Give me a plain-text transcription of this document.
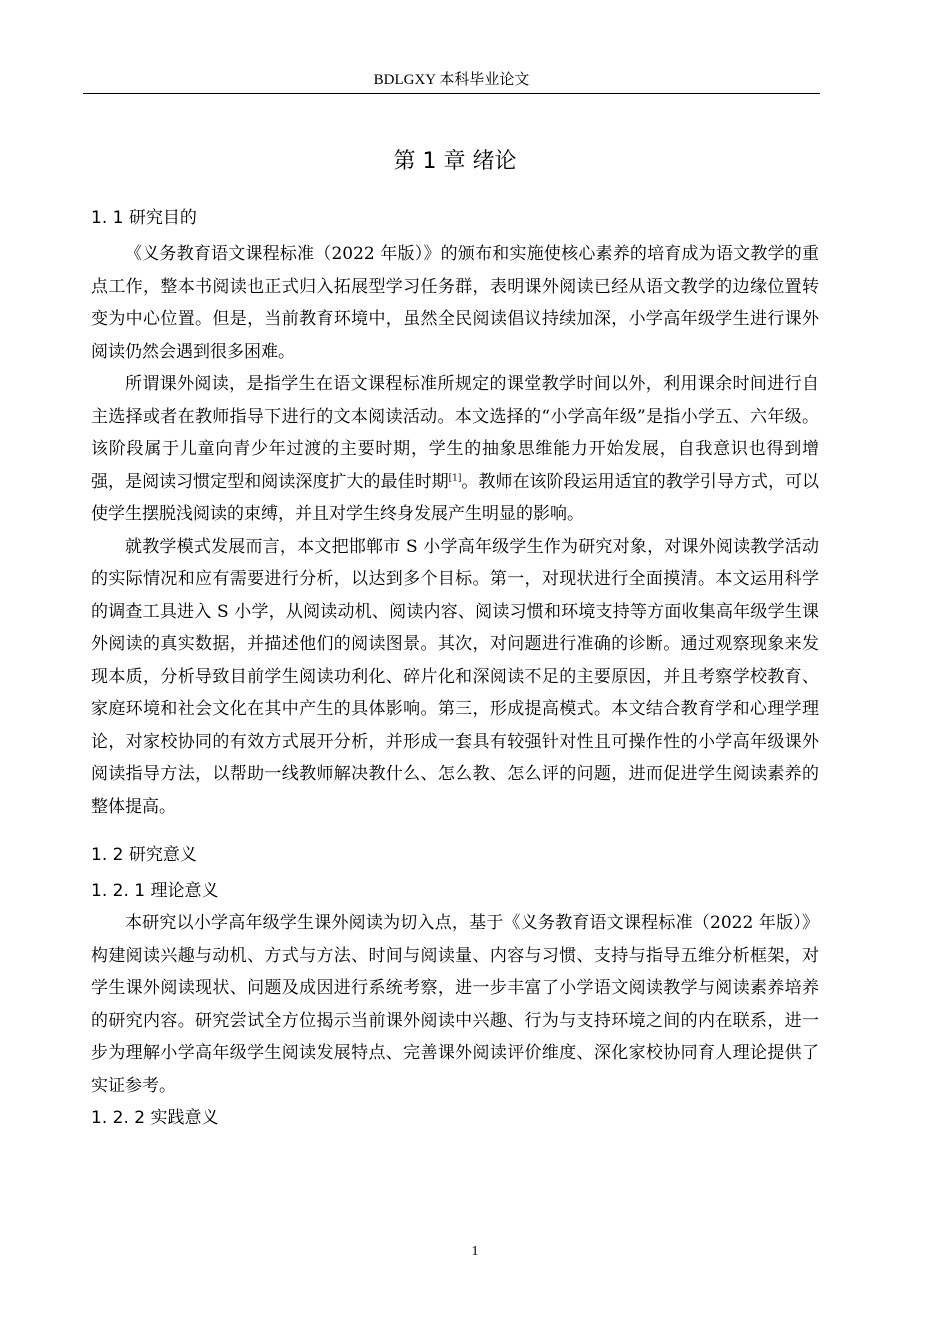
BDLGXY 本科毕业论文
第 1 章 绪论
1. 1 研究目的

《义务教育语文课程标准（2022 年版）》的颁布和实施使核心素养的培育成为语文教学的重点工作，整本书阅读也正式归入拓展型学习任务群，表明课外阅读已经从语文教学的边缘位置转变为中心位置。但是，当前教育环境中，虽然全民阅读倡议持续加深，小学高年级学生进行课外阅读仍然会遇到很多困难。

所谓课外阅读，是指学生在语文课程标准所规定的课堂教学时间以外，利用课余时间进行自主选择或者在教师指导下进行的文本阅读活动。本文选择的“小学高年级”是指小学五、六年级。该阶段属于儿童向青少年过渡的主要时期，学生的抽象思维能力开始发展，自我意识也得到增强，是阅读习惯定型和阅读深度扩大的最佳时期[1]。教师在该阶段运用适宜的教学引导方式，可以使学生摆脱浅阅读的束缚，并且对学生终身发展产生明显的影响。

就教学模式发展而言，本文把邯郸市 S 小学高年级学生作为研究对象，对课外阅读教学活动的实际情况和应有需要进行分析，以达到多个目标。第一，对现状进行全面摸清。本文运用科学的调查工具进入 S 小学，从阅读动机、阅读内容、阅读习惯和环境支持等方面收集高年级学生课外阅读的真实数据，并描述他们的阅读图景。其次，对问题进行准确的诊断。通过观察现象来发现本质，分析导致目前学生阅读功利化、碎片化和深阅读不足的主要原因，并且考察学校教育、家庭环境和社会文化在其中产生的具体影响。第三，形成提高模式。本文结合教育学和心理学理论，对家校协同的有效方式展开分析，并形成一套具有较强针对性且可操作性的小学高年级课外阅读指导方法，以帮助一线教师解决教什么、怎么教、怎么评的问题，进而促进学生阅读素养的整体提高。

1. 2 研究意义
1. 2. 1 理论意义

本研究以小学高年级学生课外阅读为切入点，基于《义务教育语文课程标准（2022 年版）》构建阅读兴趣与动机、方式与方法、时间与阅读量、内容与习惯、支持与指导五维分析框架，对学生课外阅读现状、问题及成因进行系统考察，进一步丰富了小学语文阅读教学与阅读素养培养的研究内容。研究尝试全方位揭示当前课外阅读中兴趣、行为与支持环境之间的内在联系，进一步为理解小学高年级学生阅读发展特点、完善课外阅读评价维度、深化家校协同育人理论提供了实证参考。

1. 2. 2 实践意义
1
